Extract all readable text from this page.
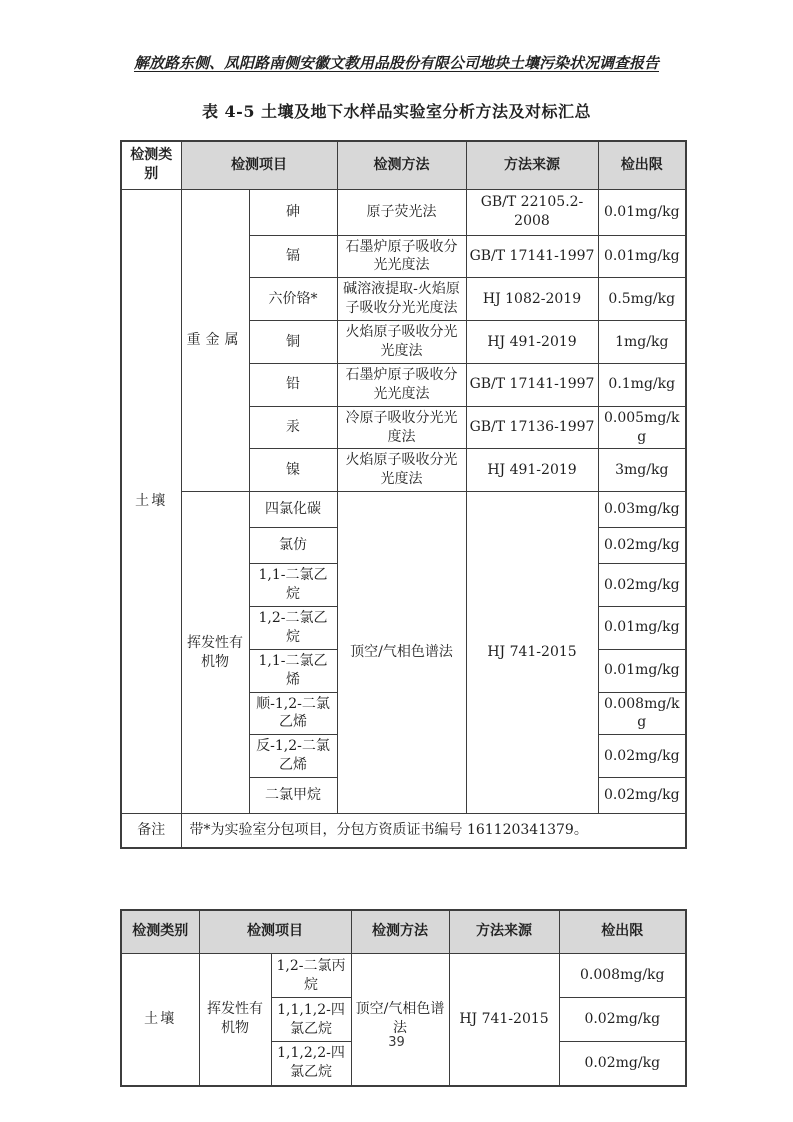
解放路东侧、凤阳路南侧安徽文教用品股份有限公司地块土壤污染状况调查报告
表 4-5 土壤及地下水样品实验室分析方法及对标汇总
检测类别	检测项目		检测方法	方法来源	检出限
土壤	重金属	砷	原子荧光法	GB/T 22105.2-2008	0.01mg/kg
		镉	石墨炉原子吸收分光光度法	GB/T 17141-1997	0.01mg/kg
		六价铬*	碱溶液提取-火焰原子吸收分光光度法	HJ 1082-2019	0.5mg/kg
		铜	火焰原子吸收分光光度法	HJ 491-2019	1mg/kg
		铅	石墨炉原子吸收分光光度法	GB/T 17141-1997	0.1mg/kg
		汞	冷原子吸收分光光度法	GB/T 17136-1997	0.005mg/kg
		镍	火焰原子吸收分光光度法	HJ 491-2019	3mg/kg
	挥发性有机物	四氯化碳	顶空/气相色谱法	HJ 741-2015	0.03mg/kg
		氯仿			0.02mg/kg
		1,1-二氯乙烷			0.02mg/kg
		1,2-二氯乙烷			0.01mg/kg
		1,1-二氯乙烯			0.01mg/kg
		顺-1,2-二氯乙烯			0.008mg/kg
		反-1,2-二氯乙烯			0.02mg/kg
		二氯甲烷			0.02mg/kg
备注	带*为实验室分包项目，分包方资质证书编号 161120341379。				
检测类别	检测项目		检测方法	方法来源	检出限
土壤	挥发性有机物	1,2-二氯丙烷	顶空/气相色谱法	HJ 741-2015	0.008mg/kg
		1,1,1,2-四氯乙烷			0.02mg/kg
		1,1,2,2-四氯乙烷			0.02mg/kg
39
